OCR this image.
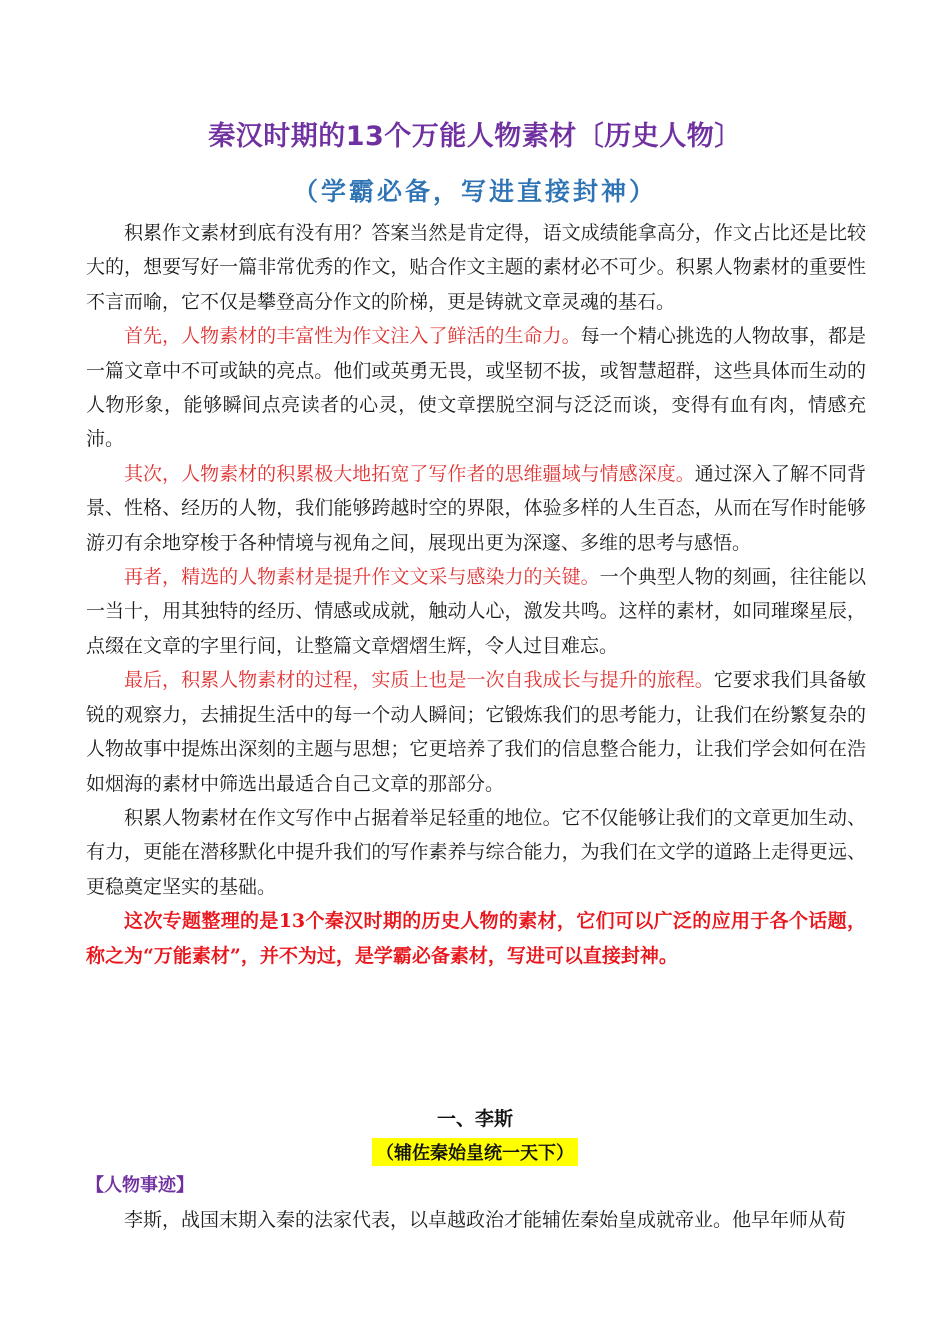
秦汉时期的13个万能人物素材〔历史人物〕
（学霸必备，写进直接封神）

积累作文素材到底有没有用？答案当然是肯定得，语文成绩能拿高分，作文占比还是比较大的，想要写好一篇非常优秀的作文，贴合作文主题的素材必不可少。积累人物素材的重要性不言而喻，它不仅是攀登高分作文的阶梯，更是铸就文章灵魂的基石。

首先，人物素材的丰富性为作文注入了鲜活的生命力。每一个精心挑选的人物故事，都是一篇文章中不可或缺的亮点。他们或英勇无畏，或坚韧不拔，或智慧超群，这些具体而生动的人物形象，能够瞬间点亮读者的心灵，使文章摆脱空洞与泛泛而谈，变得有血有肉，情感充沛。

其次，人物素材的积累极大地拓宽了写作者的思维疆域与情感深度。通过深入了解不同背景、性格、经历的人物，我们能够跨越时空的界限，体验多样的人生百态，从而在写作时能够游刃有余地穿梭于各种情境与视角之间，展现出更为深邃、多维的思考与感悟。

再者，精选的人物素材是提升作文文采与感染力的关键。一个典型人物的刻画，往往能以一当十，用其独特的经历、情感或成就，触动人心，激发共鸣。这样的素材，如同璀璨星辰，点缀在文章的字里行间，让整篇文章熠熠生辉，令人过目难忘。

最后，积累人物素材的过程，实质上也是一次自我成长与提升的旅程。它要求我们具备敏锐的观察力，去捕捉生活中的每一个动人瞬间；它锻炼我们的思考能力，让我们在纷繁复杂的人物故事中提炼出深刻的主题与思想；它更培养了我们的信息整合能力，让我们学会如何在浩如烟海的素材中筛选出最适合自己文章的那部分。

积累人物素材在作文写作中占据着举足轻重的地位。它不仅能够让我们的文章更加生动、有力，更能在潜移默化中提升我们的写作素养与综合能力，为我们在文学的道路上走得更远、更稳奠定坚实的基础。

这次专题整理的是13个秦汉时期的历史人物的素材，它们可以广泛的应用于各个话题，称之为“万能素材”，并不为过，是学霸必备素材，写进可以直接封神。

一、李斯
（辅佐秦始皇统一天下）
【人物事迹】

李斯，战国末期入秦的法家代表，以卓越政治才能辅佐秦始皇成就帝业。他早年师从荀
